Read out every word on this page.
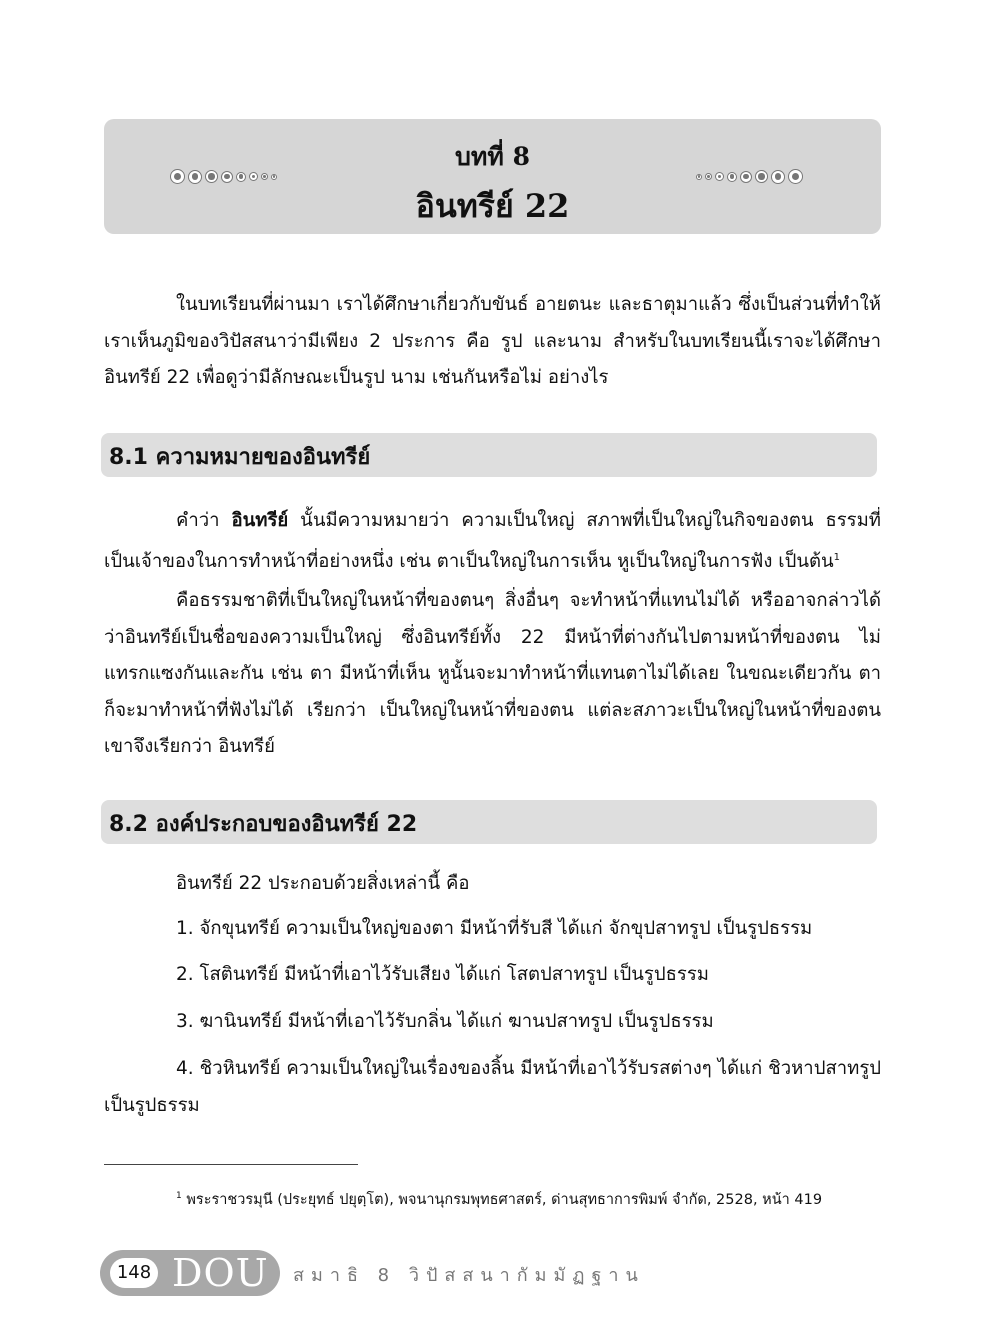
บทที่ 8
อินทรีย์ 22

ในบทเรียนที่ผ่านมา เราได้ศึกษาเกี่ยวกับขันธ์ อายตนะ และธาตุมาแล้ว ซึ่งเป็นส่วนที่ทำให้เราเห็นภูมิของวิปัสสนาว่ามีเพียง 2 ประการ คือ รูป และนาม สำหรับในบทเรียนนี้เราจะได้ศึกษาอินทรีย์ 22 เพื่อดูว่ามีลักษณะเป็นรูป นาม เช่นกันหรือไม่ อย่างไร

8.1 ความหมายของอินทรีย์

คำว่า อินทรีย์ นั้นมีความหมายว่า ความเป็นใหญ่ สภาพที่เป็นใหญ่ในกิจของตน ธรรมที่เป็นเจ้าของในการทำหน้าที่อย่างหนึ่ง เช่น ตาเป็นใหญ่ในการเห็น หูเป็นใหญ่ในการฟัง เป็นต้น$^1$

คือธรรมชาติที่เป็นใหญ่ในหน้าที่ของตนๆ สิ่งอื่นๆ จะทำหน้าที่แทนไม่ได้ หรืออาจกล่าวได้ว่าอินทรีย์เป็นชื่อของความเป็นใหญ่ ซึ่งอินทรีย์ทั้ง 22 มีหน้าที่ต่างกันไปตามหน้าที่ของตน ไม่แทรกแซงกันและกัน เช่น ตา มีหน้าที่เห็น หูนั้นจะมาทำหน้าที่แทนตาไม่ได้เลย ในขณะเดียวกัน ตาก็จะมาทำหน้าที่ฟังไม่ได้ เรียกว่า เป็นใหญ่ในหน้าที่ของตน แต่ละสภาวะเป็นใหญ่ในหน้าที่ของตน เขาจึงเรียกว่า อินทรีย์

8.2 องค์ประกอบของอินทรีย์ 22

อินทรีย์ 22 ประกอบด้วยสิ่งเหล่านี้ คือ

1. จักขุนทรีย์ ความเป็นใหญ่ของตา มีหน้าที่รับสี ได้แก่ จักขุปสาทรูป เป็นรูปธรรม

2. โสตินทรีย์ มีหน้าที่เอาไว้รับเสียง ได้แก่ โสตปสาทรูป เป็นรูปธรรม

3. ฆานินทรีย์ มีหน้าที่เอาไว้รับกลิ่น ได้แก่ ฆานปสาทรูป เป็นรูปธรรม

4. ชิวหินทรีย์ ความเป็นใหญ่ในเรื่องของลิ้น มีหน้าที่เอาไว้รับรสต่างๆ ได้แก่ ชิวหาปสาทรูป เป็นรูปธรรม

$^1$ พระราชวรมุนี (ประยุทธ์ ปยุตฺโต), พจนานุกรมพุทธศาสตร์, ด่านสุทธาการพิมพ์ จำกัด, 2528, หน้า 419
148 DOU สมาธิ 8 วิปัสสนากัมมัฏฐาน
